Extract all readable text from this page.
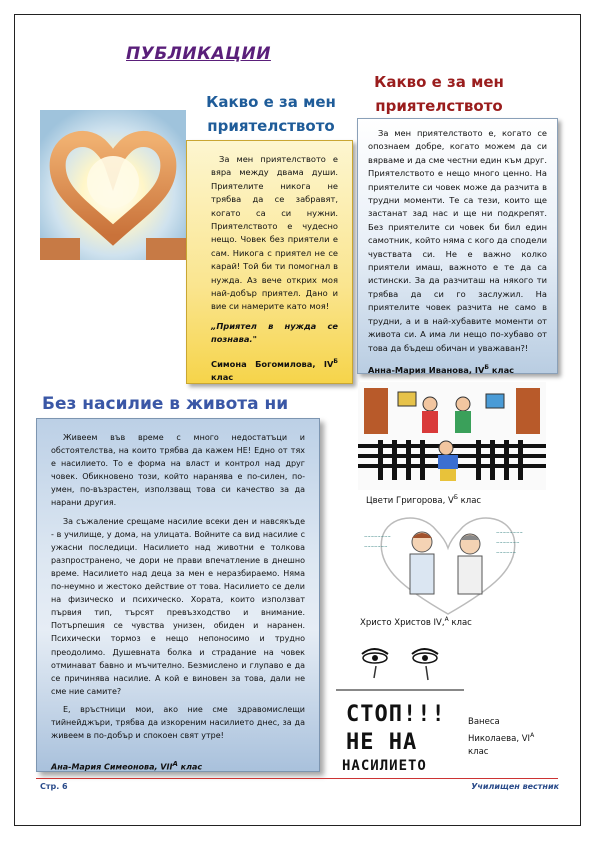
ПУБЛИКАЦИИ
Какво е за мен приятелството

За мен приятелството е вяра между двама души. Приятелите никога не трябва да се забравят, когато са си нужни. Приятелството е чудесно нещо. Човек без приятели е сам. Никога с приятел не се карай! Той би ти помогнал в нужда. Аз вече открих моя най-добър приятел. Дано и вие си намерите като моя!

„Приятел в нужда се познава."

Симона Богомилова, $IV^Б$ клас

Какво е за мен приятелството

За мен приятелството е, когато се опознаем добре, когато можем да си вярваме и да сме честни един към друг. Приятелството е нещо много ценно. На приятелите си човек може да разчита в трудни моменти. Те са тези, които ще застанат зад нас и ще ни подкрепят. Без приятелите си човек би бил един самотник, който няма с кого да сподели чувствата си. Не е важно колко приятели имаш, важното е те да са истински. За да разчиташ на някого ти трябва да си го заслужил. На приятелите човек разчита не само в трудни, а и в най-хубавите моменти от живота си. А има ли нещо по-хубаво от това да бъдеш обичан и уважаван?!

Анна-Мария Иванова, $IV^Б$ клас

Без насилие в живота ни

Живеем във време с много недостатъци и обстоятелства, на които трябва да кажем НЕ! Едно от тях е насилието. То е форма на власт и контрол над друг човек. Обикновено този, който наранява е по-силен, по-умен, по-възрастен, използващ това си качество за да нарани другия.

За съжаление срещаме насилие всеки ден и навсякъде - в училище, у дома, на улицата. Войните са вид насилие с ужасни последици. Насилието над животни е толкова разпространено, че дори не прави впечатление в днешно време. Насилието над деца за мен е неразбираемо. Няма по-неумно и жестоко действие от това. Насилието се дели на физическо и психическо. Хората, които използват първия тип, търсят превъзходство и внимание. Потърпешия се чувства унизен, обиден и наранен. Психически тормоз е нещо непоносимо и трудно преодолимо. Душевната болка и страдание на човек отминават бавно и мъчително. Безмислено и глупаво е да се причинява насилие. А кой е виновен за това, дали не сме ние самите?

Е, връстници мои, ако ние сме здравомислещи тийнейджъри, трябва да изкореним насилието днес, за да живеем в по-добър и спокоен свят утре!

Ана-Мария Симеонова, $VII^А$ клас

Цвети Григорова, $V^Б$ клас
~~~~~~~~
~~~~~~~
~~~~~~~~
~~~~~~~
~~~~~~
Христо Христов IV,$^А$ клас
СТОП!!!
НЕ НА
НАСИЛИЕТО
Ванеса
Николаева, $VI^А$
клас
Стр. 6	Училищен вестник
